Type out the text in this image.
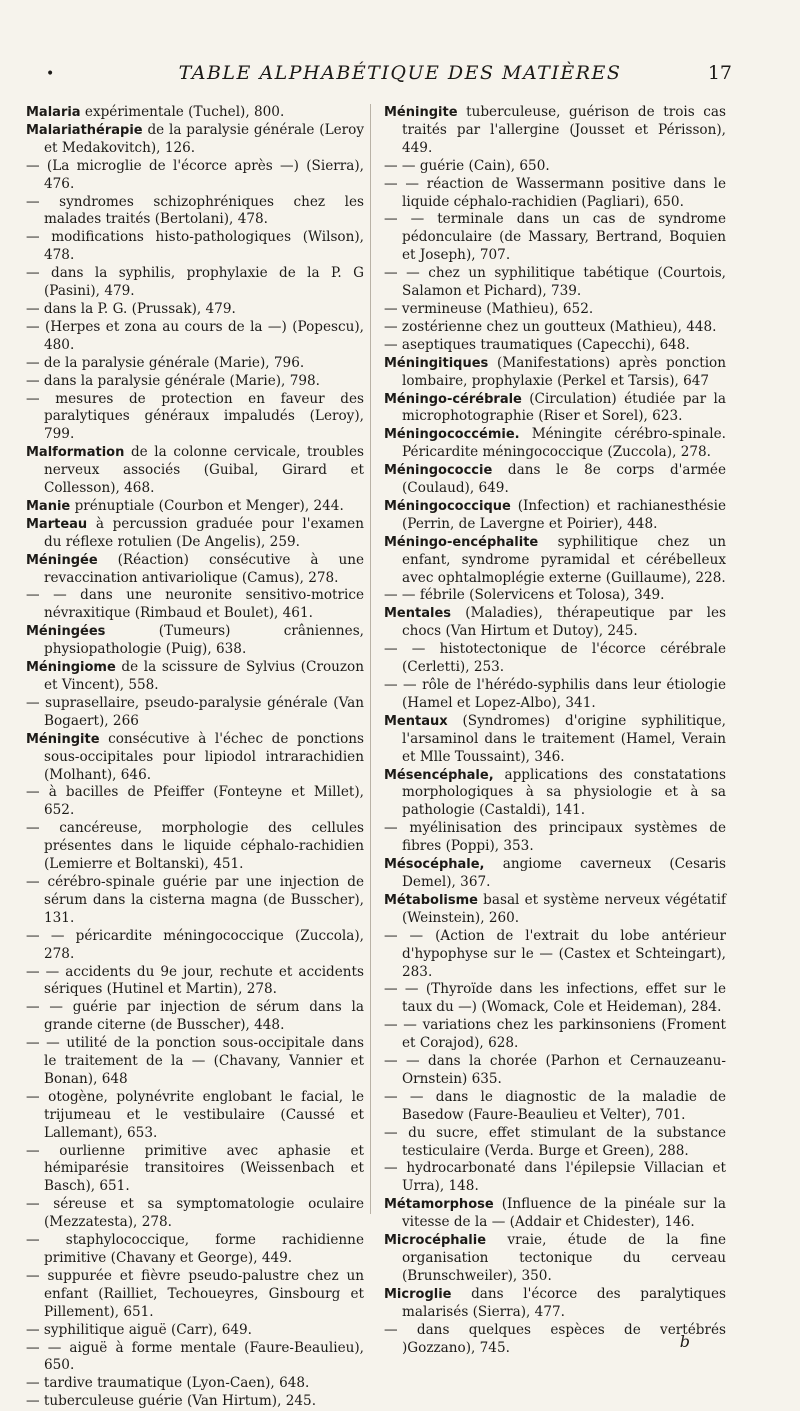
•	TABLE ALPHABÉTIQUE DES MATIÈRES	17

Malaria expérimentale (Tuchel), 800.

Malariathérapie de la paralysie générale (Leroy et Medakovitch), 126.

— (La microglie de l'écorce après —) (Sierra), 476.

— syndromes schizophréniques chez les malades traités (Bertolani), 478.

— modifications histo-pathologiques (Wilson), 478.

— dans la syphilis, prophylaxie de la P. G (Pasini), 479.

— dans la P. G. (Prussak), 479.

— (Herpes et zona au cours de la —) (Popescu), 480.

— de la paralysie générale (Marie), 796.

— dans la paralysie générale (Marie), 798.

— mesures de protection en faveur des paralytiques généraux impaludés (Leroy), 799.

Malformation de la colonne cervicale, troubles nerveux associés (Guibal, Girard et Collesson), 468.

Manie prénuptiale (Courbon et Menger), 244.

Marteau à percussion graduée pour l'examen du réflexe rotulien (De Angelis), 259.

Méningée (Réaction) consécutive à une revaccination antivariolique (Camus), 278.

— — dans une neuronite sensitivo-motrice névraxitique (Rimbaud et Boulet), 461.

Méningées (Tumeurs) crâniennes, physiopathologie (Puig), 638.

Méningiome de la scissure de Sylvius (Crouzon et Vincent), 558.

— suprasellaire, pseudo-paralysie générale (Van Bogaert), 266

Méningite consécutive à l'échec de ponctions sous-occipitales pour lipiodol intrarachidien (Molhant), 646.

— à bacilles de Pfeiffer (Fonteyne et Millet), 652.

— cancéreuse, morphologie des cellules présentes dans le liquide céphalo-rachidien (Lemierre et Boltanski), 451.

— cérébro-spinale guérie par une injection de sérum dans la cisterna magna (de Busscher), 131.

— — péricardite méningococcique (Zuccola), 278.

— — accidents du 9e jour, rechute et accidents sériques (Hutinel et Martin), 278.

— — guérie par injection de sérum dans la grande citerne (de Busscher), 448.

— — utilité de la ponction sous-occipitale dans le traitement de la — (Chavany, Vannier et Bonan), 648

— otogène, polynévrite englobant le facial, le trijumeau et le vestibulaire (Caussé et Lallemant), 653.

— ourlienne primitive avec aphasie et hémiparésie transitoires (Weissenbach et Basch), 651.

— séreuse et sa symptomatologie oculaire (Mezzatesta), 278.

— staphylococcique, forme rachidienne primitive (Chavany et George), 449.

— suppurée et fièvre pseudo-palustre chez un enfant (Railliet, Techoueyres, Ginsbourg et Pillement), 651.

— syphilitique aiguë (Carr), 649.

— — aiguë à forme mentale (Faure-Beaulieu), 650.

— tardive traumatique (Lyon-Caen), 648.

— tuberculeuse guérie (Van Hirtum), 245.

Méningite tuberculeuse, guérison de trois cas traités par l'allergine (Jousset et Périsson), 449.

— — guérie (Cain), 650.

— — réaction de Wassermann positive dans le liquide céphalo-rachidien (Pagliari), 650.

— — terminale dans un cas de syndrome pédonculaire (de Massary, Bertrand, Boquien et Joseph), 707.

— — chez un syphilitique tabétique (Courtois, Salamon et Pichard), 739.

— vermineuse (Mathieu), 652.

— zostérienne chez un goutteux (Mathieu), 448.

— aseptiques traumatiques (Capecchi), 648.

Méningitiques (Manifestations) après ponction lombaire, prophylaxie (Perkel et Tarsis), 647

Méningo-cérébrale (Circulation) étudiée par la microphotographie (Riser et Sorel), 623.

Méningococcémie. Méningite cérébro-spinale. Péricardite méningococcique (Zuccola), 278.

Méningococcie dans le 8e corps d'armée (Coulaud), 649.

Méningococcique (Infection) et rachianesthésie (Perrin, de Lavergne et Poirier), 448.

Méningo-encéphalite syphilitique chez un enfant, syndrome pyramidal et cérébelleux avec ophtalmoplégie externe (Guillaume), 228.

— — fébrile (Solervicens et Tolosa), 349.

Mentales (Maladies), thérapeutique par les chocs (Van Hirtum et Dutoy), 245.

— — histotectonique de l'écorce cérébrale (Cerletti), 253.

— — rôle de l'hérédo-syphilis dans leur étiologie (Hamel et Lopez-Albo), 341.

Mentaux (Syndromes) d'origine syphilitique, l'arsaminol dans le traitement (Hamel, Verain et Mlle Toussaint), 346.

Mésencéphale, applications des constatations morphologiques à sa physiologie et à sa pathologie (Castaldi), 141.

— myélinisation des principaux systèmes de fibres (Poppi), 353.

Mésocéphale, angiome caverneux (Cesaris Demel), 367.

Métabolisme basal et système nerveux végétatif (Weinstein), 260.

— — (Action de l'extrait du lobe antérieur d'hypophyse sur le — (Castex et Schteingart), 283.

— — (Thyroïde dans les infections, effet sur le taux du —) (Womack, Cole et Heideman), 284.

— — variations chez les parkinsoniens (Froment et Corajod), 628.

— — dans la chorée (Parhon et Cernauzeanu-Ornstein) 635.

— — dans le diagnostic de la maladie de Basedow (Faure-Beaulieu et Velter), 701.

— du sucre, effet stimulant de la substance testiculaire (Verda. Burge et Green), 288.

— hydrocarbonaté dans l'épilepsie Villacian et Urra), 148.

Métamorphose (Influence de la pinéale sur la vitesse de la — (Addair et Chidester), 146.

Microcéphalie vraie, étude de la fine organisation tectonique du cerveau (Brunschweiler), 350.

Microglie dans l'écorce des paralytiques malarisés (Sierra), 477.

— dans quelques espèces de vertébrés )Gozzano), 745.	b
